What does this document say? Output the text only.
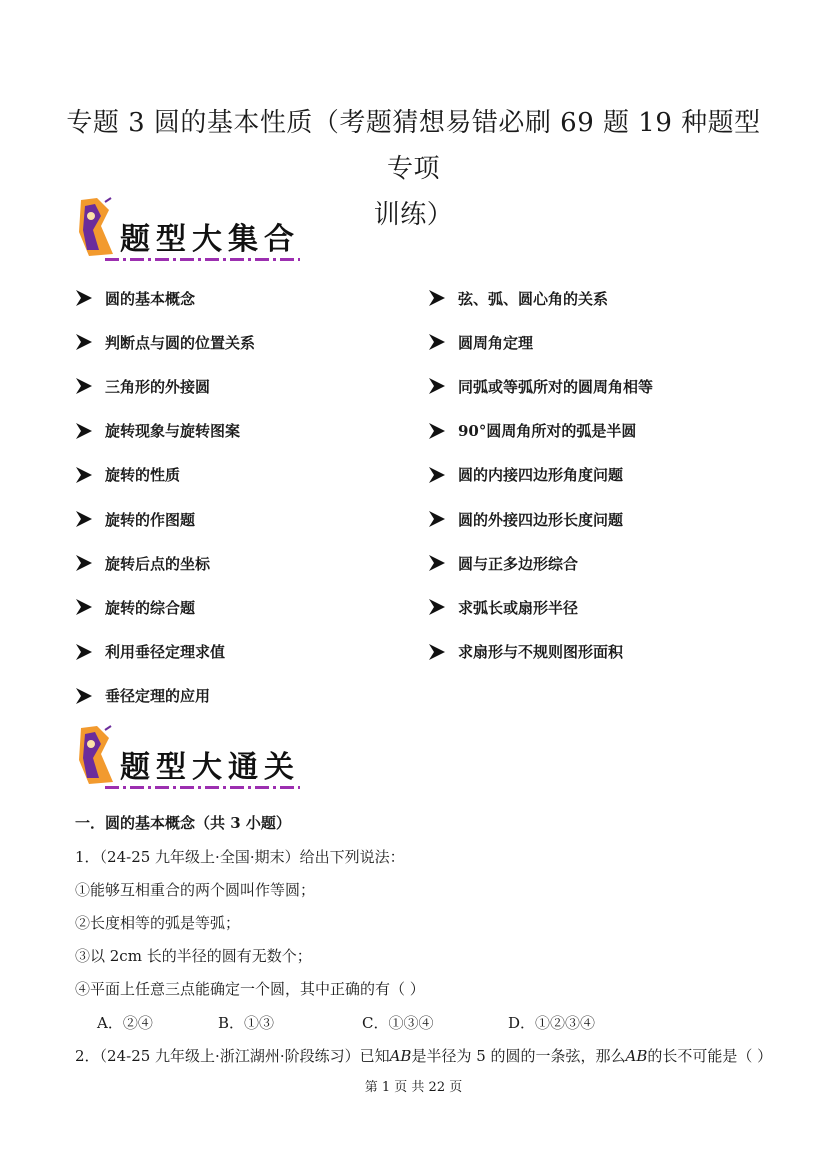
专题 3 圆的基本性质（考题猜想易错必刷 69 题 19 种题型专项
训练）
题型大集合
圆的基本概念
判断点与圆的位置关系
三角形的外接圆
旋转现象与旋转图案
旋转的性质
旋转的作图题
旋转后点的坐标
旋转的综合题
利用垂径定理求值
垂径定理的应用
弦、弧、圆心角的关系
圆周角定理
同弧或等弧所对的圆周角相等
90°圆周角所对的弧是半圆
圆的内接四边形角度问题
圆的外接四边形长度问题
圆与正多边形综合
求弧长或扇形半径
求扇形与不规则图形面积
题型大通关
一．圆的基本概念（共 3 小题）
1．（24-25 九年级上·全国·期末）给出下列说法：
①能够互相重合的两个圆叫作等圆；
②长度相等的弧是等弧；
③以 2cm 长的半径的圆有无数个；
④平面上任意三点能确定一个圆，其中正确的有（ ）
A．②④	B．①③	C．①③④	D．①②③④
2．（24-25 九年级上·浙江湖州·阶段练习）已知AB是半径为 5 的圆的一条弦，那么AB的长不可能是（ ）
第 1 页 共 22 页
